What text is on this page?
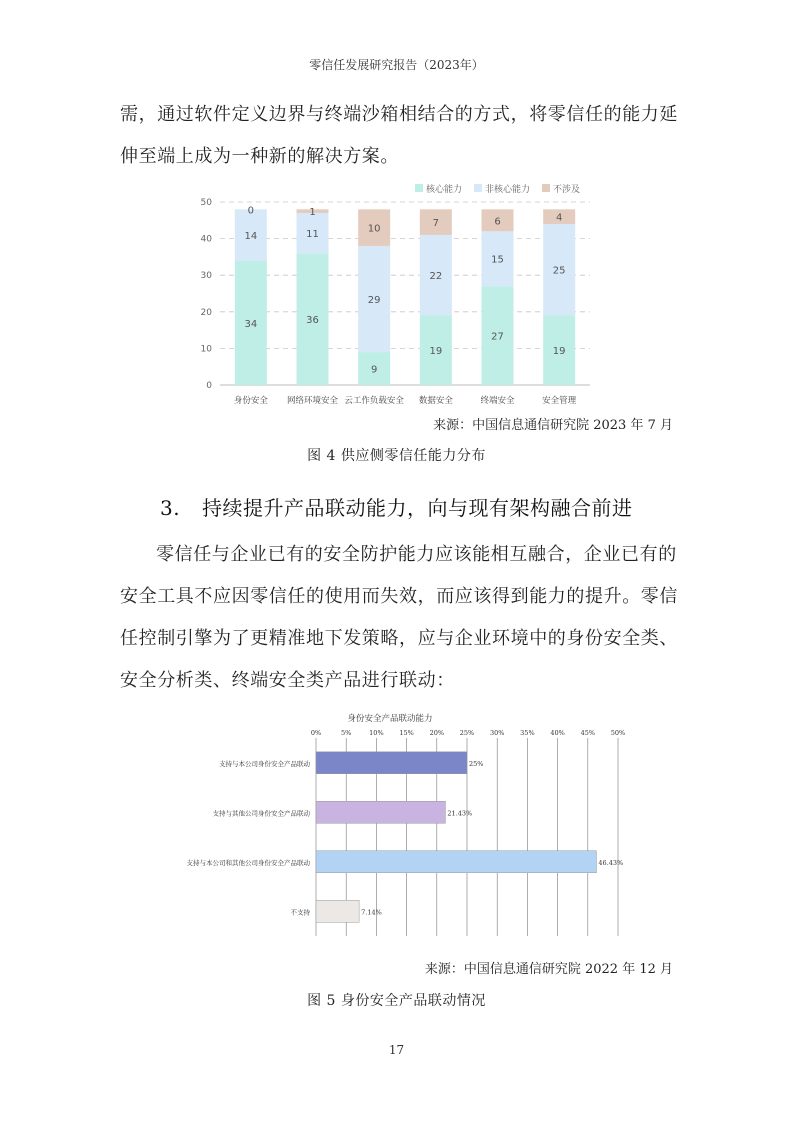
零信任发展研究报告（2023年）
需，通过软件定义边界与终端沙箱相结合的方式，将零信任的能力延
伸至端上成为一种新的解决方案。
核心能力	非核心能力	不涉及
0
10
20
30
40
50
34
14
0
身份安全
36
11
1
网络环境安全
9
29
10
云工作负载安全
19
22
7
数据安全
27
15
6
终端安全
19
25
4
安全管理
来源：中国信息通信研究院 2023 年 7 月
图 4 供应侧零信任能力分布
3. 持续提升产品联动能力，向与现有架构融合前进
零信任与企业已有的安全防护能力应该能相互融合，企业已有的
安全工具不应因零信任的使用而失效，而应该得到能力的提升。零信
任控制引擎为了更精准地下发策略，应与企业环境中的身份安全类、
安全分析类、终端安全类产品进行联动：
身份安全产品联动能力
0%	5%	10% 15% 20% 25% 30% 35% 40% 45% 50%
25%
支持与本公司身份安全产品联动
21.43%
支持与其他公司身份安全产品联动
46.43%
支持与本公司和其他公司身份安全产品联动
7.14%
不支持
来源：中国信息通信研究院 2022 年 12 月
图 5 身份安全产品联动情况
17
